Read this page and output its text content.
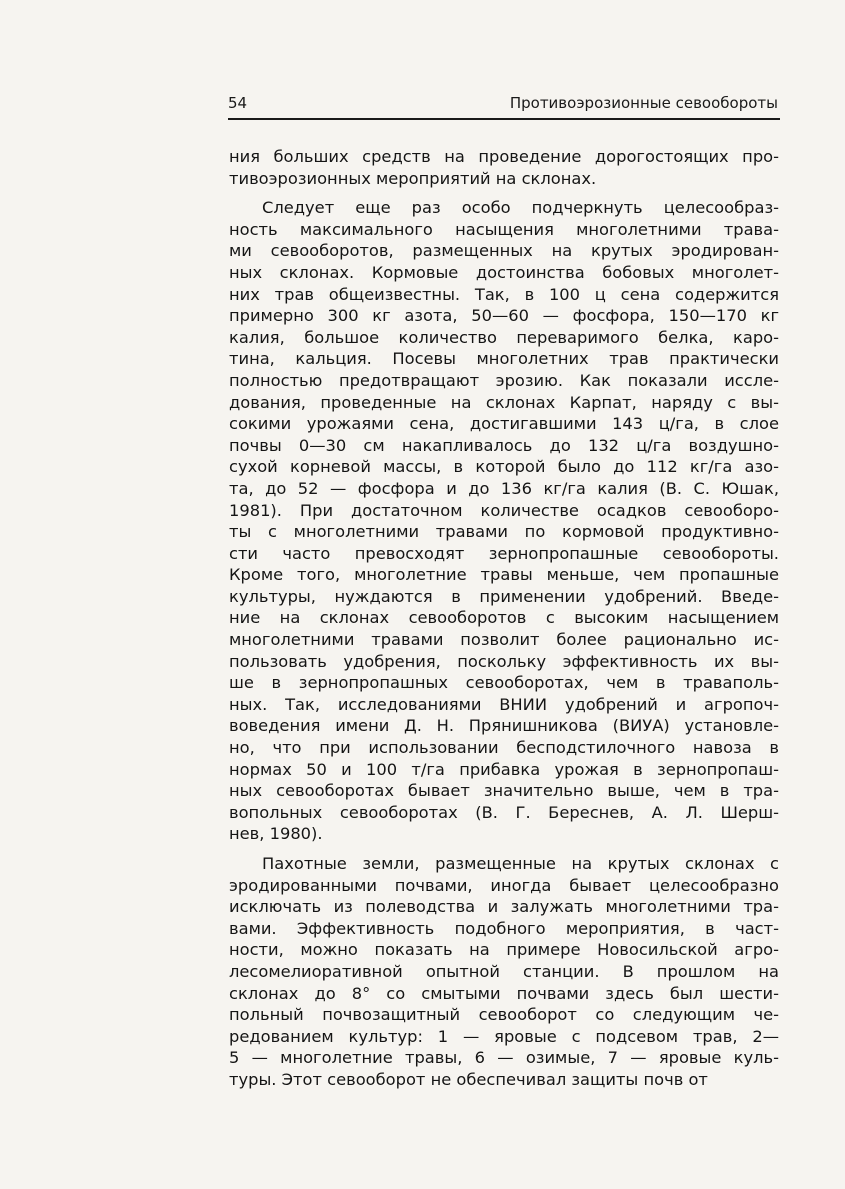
54	Противоэрозионные севообороты
ния больших средств на проведение дорогостоящих про-
тивоэрозионных мероприятий на склонах.
Следует еще раз особо подчеркнуть целесообраз-
ность максимального насыщения многолетними трава-
ми севооборотов, размещенных на крутых эродирован-
ных склонах. Кормовые достоинства бобовых многолет-
них трав общеизвестны. Так, в 100 ц сена содержится
примерно 300 кг азота, 50—60 — фосфора, 150—170 кг
калия, большое количество переваримого белка, каро-
тина, кальция. Посевы многолетних трав практически
полностью предотвращают эрозию. Как показали иссле-
дования, проведенные на склонах Карпат, наряду с вы-
сокими урожаями сена, достигавшими 143 ц/га, в слое
почвы 0—30 см накапливалось до 132 ц/га воздушно-
сухой корневой массы, в которой было до 112 кг/га азо-
та, до 52 — фосфора и до 136 кг/га калия (В. С. Юшак,
1981). При достаточном количестве осадков севооборо-
ты с многолетними травами по кормовой продуктивно-
сти часто превосходят зернопропашные севообороты.
Кроме того, многолетние травы меньше, чем пропашные
культуры, нуждаются в применении удобрений. Введе-
ние на склонах севооборотов с высоким насыщением
многолетними травами позволит более рационально ис-
пользовать удобрения, поскольку эффективность их вы-
ше в зернопропашных севооборотах, чем в траваполь-
ных. Так, исследованиями ВНИИ удобрений и агропоч-
воведения имени Д. Н. Прянишникова (ВИУА) установле-
но, что при использовании бесподстилочного навоза в
нормах 50 и 100 т/га прибавка урожая в зернопропаш-
ных севооборотах бывает значительно выше, чем в тра-
вопольных севооборотах (В. Г. Береснев, А. Л. Шерш-
нев, 1980).
Пахотные земли, размещенные на крутых склонах с
эродированными почвами, иногда бывает целесообразно
исключать из полеводства и залужать многолетними тра-
вами. Эффективность подобного мероприятия, в част-
ности, можно показать на примере Новосильской агро-
лесомелиоративной опытной станции. В прошлом на
склонах до 8° со смытыми почвами здесь был шести-
польный почвозащитный севооборот со следующим че-
редованием культур: 1 — яровые с подсевом трав, 2—
5 — многолетние травы, 6 — озимые, 7 — яровые куль-
туры. Этот севооборот не обеспечивал защиты почв от
